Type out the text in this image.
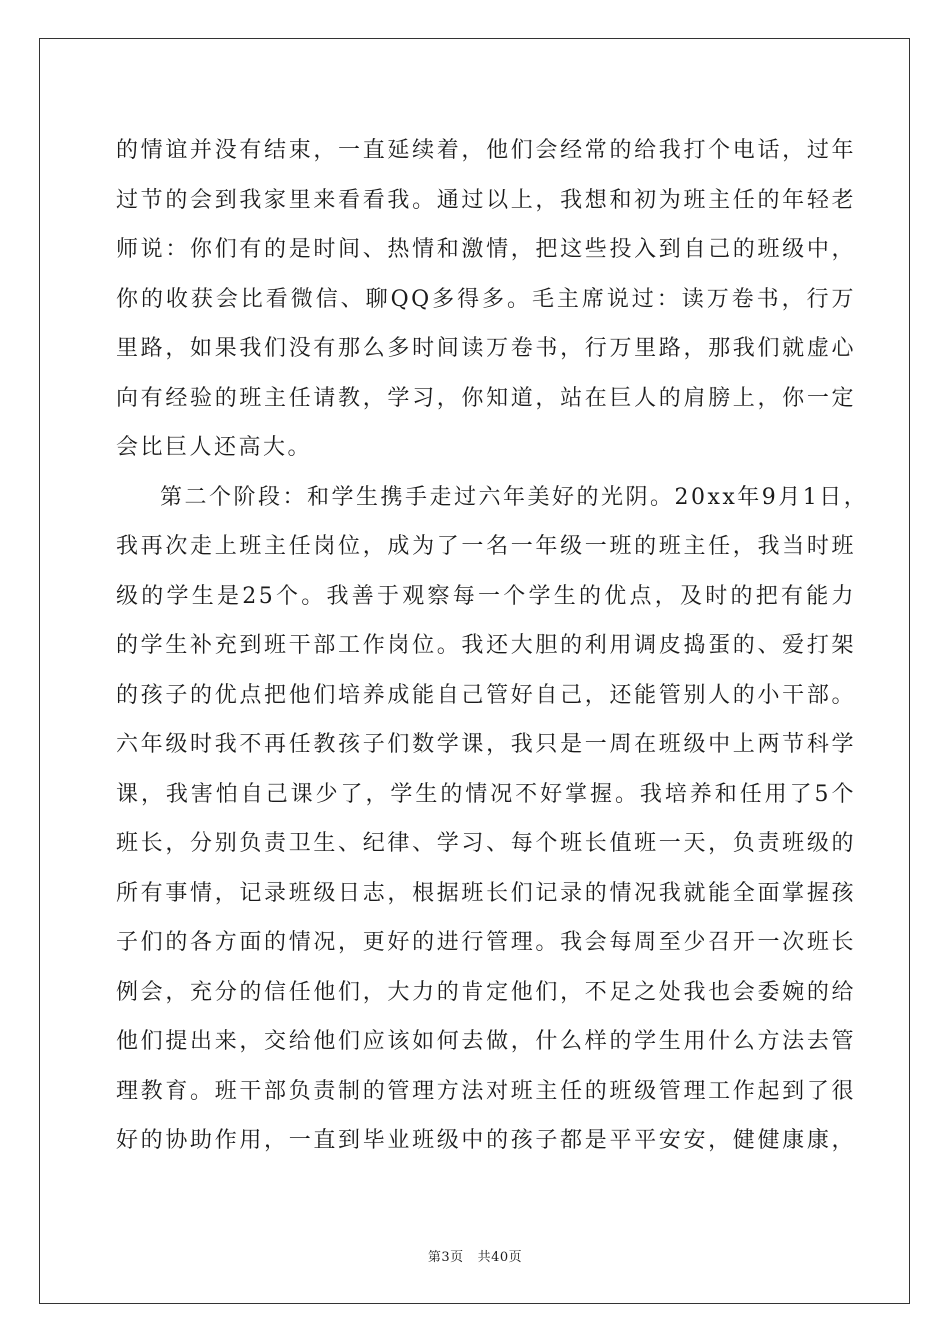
的情谊并没有结束，一直延续着，他们会经常的给我打个电话，过年
过节的会到我家里来看看我。通过以上，我想和初为班主任的年轻老
师说：你们有的是时间、热情和激情，把这些投入到自己的班级中，
你的收获会比看微信、聊QQ多得多。毛主席说过：读万卷书，行万
里路，如果我们没有那么多时间读万卷书，行万里路，那我们就虚心
向有经验的班主任请教，学习，你知道，站在巨人的肩膀上，你一定
会比巨人还高大。
第二个阶段：和学生携手走过六年美好的光阴。20xx年9月1日，
我再次走上班主任岗位，成为了一名一年级一班的班主任，我当时班
级的学生是25个。我善于观察每一个学生的优点，及时的把有能力
的学生补充到班干部工作岗位。我还大胆的利用调皮捣蛋的、爱打架
的孩子的优点把他们培养成能自己管好自己，还能管别人的小干部。
六年级时我不再任教孩子们数学课，我只是一周在班级中上两节科学
课，我害怕自己课少了，学生的情况不好掌握。我培养和任用了5个
班长，分别负责卫生、纪律、学习、每个班长值班一天，负责班级的
所有事情，记录班级日志，根据班长们记录的情况我就能全面掌握孩
子们的各方面的情况，更好的进行管理。我会每周至少召开一次班长
例会，充分的信任他们，大力的肯定他们，不足之处我也会委婉的给
他们提出来，交给他们应该如何去做，什么样的学生用什么方法去管
理教育。班干部负责制的管理方法对班主任的班级管理工作起到了很
好的协助作用，一直到毕业班级中的孩子都是平平安安，健健康康，
第3页 共40页
